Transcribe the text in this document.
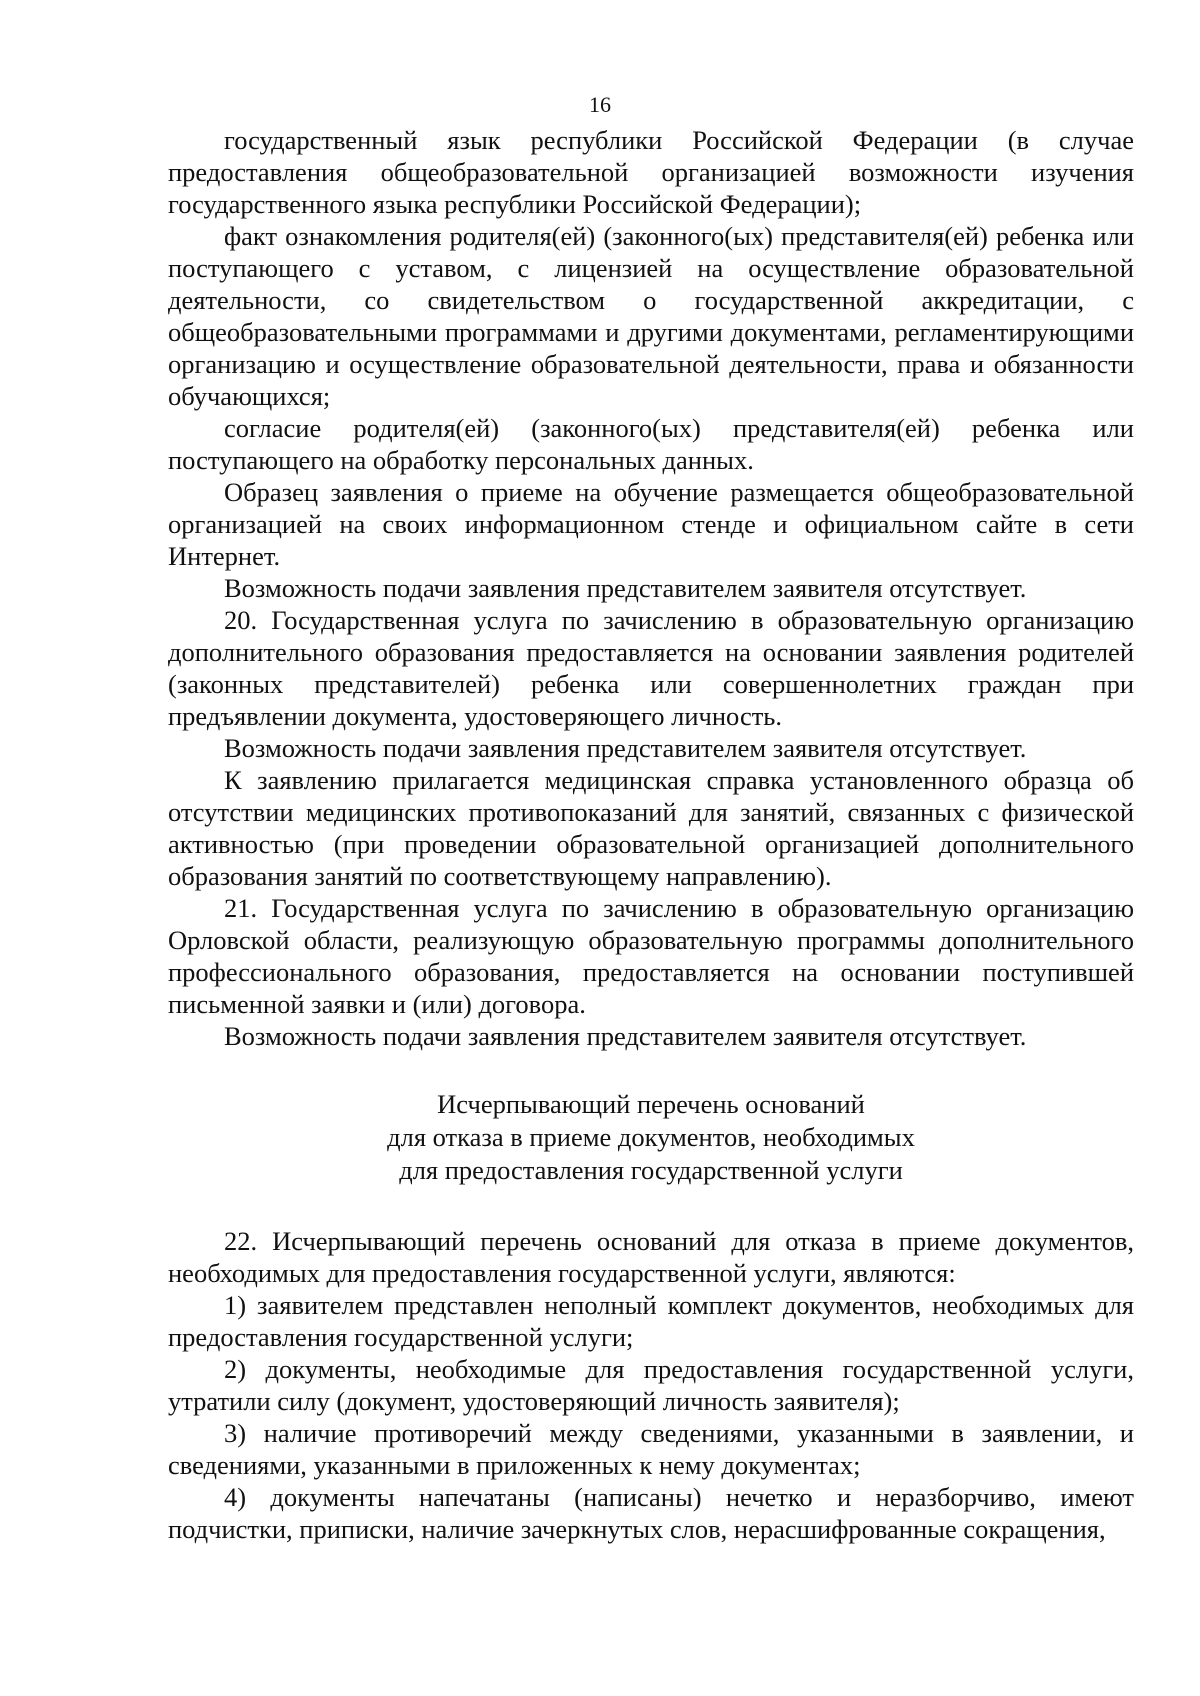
16

государственный язык республики Российской Федерации (в случае предоставления общеобразовательной организацией возможности изучения государственного языка республики Российской Федерации);

факт ознакомления родителя(ей) (законного(ых) представителя(ей) ребенка или поступающего с уставом, с лицензией на осуществление образовательной деятельности, со свидетельством о государственной аккредитации, с общеобразовательными программами и другими документами, регламентирующими организацию и осуществление образовательной деятельности, права и обязанности обучающихся;

согласие родителя(ей) (законного(ых) представителя(ей) ребенка или поступающего на обработку персональных данных.

Образец заявления о приеме на обучение размещается общеобразовательной организацией на своих информационном стенде и официальном сайте в сети Интернет.

Возможность подачи заявления представителем заявителя отсутствует.

20. Государственная услуга по зачислению в образовательную организацию дополнительного образования предоставляется на основании заявления родителей (законных представителей) ребенка или совершеннолетних граждан при предъявлении документа, удостоверяющего личность.

Возможность подачи заявления представителем заявителя отсутствует.

К заявлению прилагается медицинская справка установленного образца об отсутствии медицинских противопоказаний для занятий, связанных с физической активностью (при проведении образовательной организацией дополнительного образования занятий по соответствующему направлению).

21. Государственная услуга по зачислению в образовательную организацию Орловской области, реализующую образовательную программы дополнительного профессионального образования, предоставляется на основании поступившей письменной заявки и (или) договора.

Возможность подачи заявления представителем заявителя отсутствует.

Исчерпывающий перечень оснований
для отказа в приеме документов, необходимых
для предоставления государственной услуги

22. Исчерпывающий перечень оснований для отказа в приеме документов, необходимых для предоставления государственной услуги, являются:

1) заявителем представлен неполный комплект документов, необходимых для предоставления государственной услуги;

2) документы, необходимые для предоставления государственной услуги, утратили силу (документ, удостоверяющий личность заявителя);

3) наличие противоречий между сведениями, указанными в заявлении, и сведениями, указанными в приложенных к нему документах;

4) документы напечатаны (написаны) нечетко и неразборчиво, имеют подчистки, приписки, наличие зачеркнутых слов, нерасшифрованные сокращения,
